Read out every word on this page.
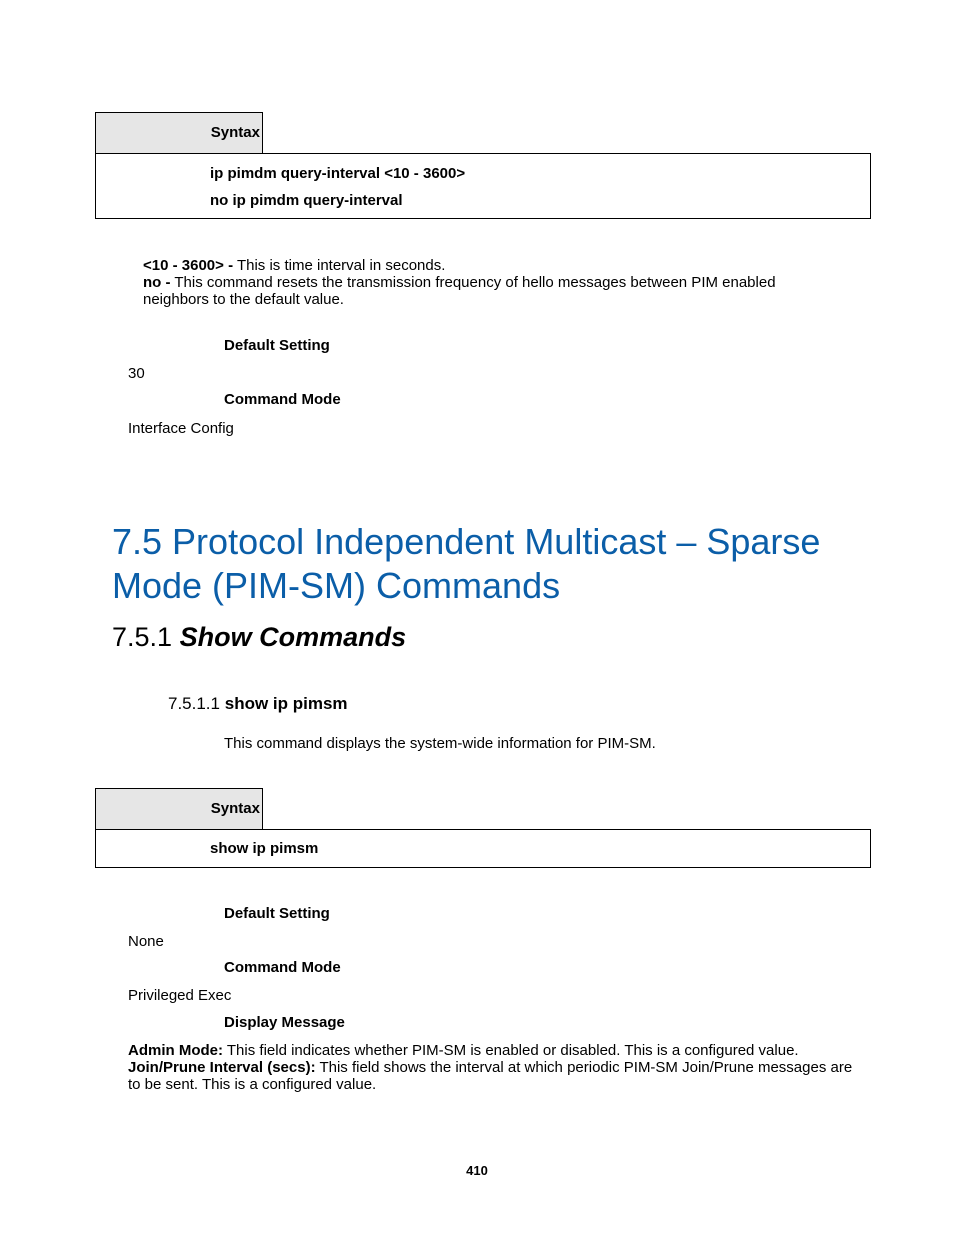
Syntax
ip pimdm query-interval <10 - 3600>
no ip pimdm query-interval
<10 - 3600> - This is time interval in seconds.
no - This command resets the transmission frequency of hello messages between PIM enabled neighbors to the default value.
Default Setting
30
Command Mode
Interface Config
7.5 Protocol Independent Multicast – Sparse Mode (PIM-SM) Commands
7.5.1 Show Commands
7.5.1.1 show ip pimsm
This command displays the system-wide information for PIM-SM.
Syntax
show ip pimsm
Default Setting
None
Command Mode
Privileged Exec
Display Message
Admin Mode: This field indicates whether PIM-SM is enabled or disabled. This is a configured value.
Join/Prune Interval (secs): This field shows the interval at which periodic PIM-SM Join/Prune messages are to be sent. This is a configured value.
410
